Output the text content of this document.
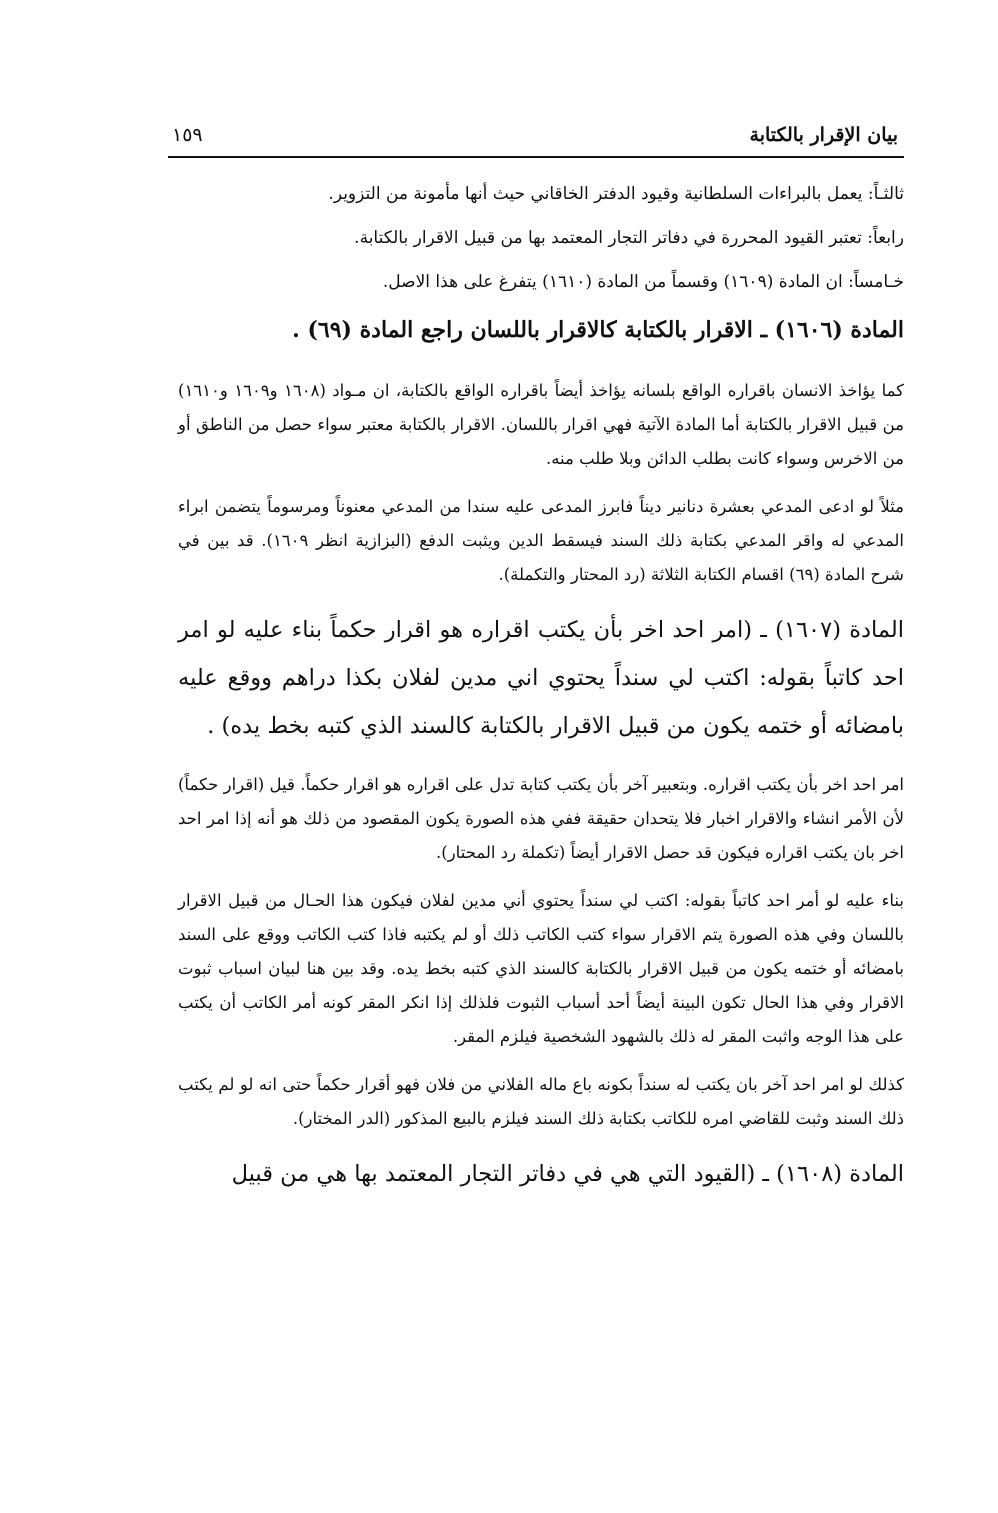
بيان الإقرار بالكتابة
١٥٩
ثالثـاً: يعمل بالبراءات السلطانية وقيود الدفتر الخاقاني حيث أنها مأمونة من التزوير.
رابعاً: تعتبر القيود المحررة في دفاتر التجار المعتمد بها من قبيل الاقرار بالكتابة.
خـامساً: ان المادة (١٦٠٩) وقسماً من المادة (١٦١٠) يتفرغ على هذا الاصل.
المادة (١٦٠٦) ـ الاقرار بالكتابة كالاقرار باللسان راجع المادة (٦٩) .

كما يؤاخذ الانسان باقراره الواقع بلسانه يؤاخذ أيضاً باقراره الواقع بالكتابة، ان مـواد (١٦٠٨ و١٦٠٩ و١٦١٠) من قبيل الاقرار بالكتابة أما المادة الآتية فهي اقرار باللسان. الاقرار بالكتابة معتبر سواء حصل من الناطق أو من الاخرس وسواء كانت بطلب الدائن وبلا طلب منه.

مثلاً لو ادعى المدعي بعشرة دنانير ديناً فابرز المدعى عليه سندا من المدعي معنوناً ومرسوماً يتضمن ابراء المدعي له واقر المدعي بكتابة ذلك السند فيسقط الدين ويثبت الدفع (البزازية انظر ١٦٠٩). قد بين في شرح المادة (٦٩) اقسام الكتابة الثلاثة (رد المحتار والتكملة).

المادة (١٦٠٧) ـ (امر احد اخر بأن يكتب اقراره هو اقرار حكماً بناء عليه لو امر احد كاتباً بقوله: اكتب لي سنداً يحتوي اني مدين لفلان بكذا دراهم ووقع عليه بامضائه أو ختمه يكون من قبيل الاقرار بالكتابة كالسند الذي كتبه بخط يده) .

امر احد اخر بأن يكتب اقراره. وبتعبير آخر بأن يكتب كتابة تدل على اقراره هو اقرار حكماً. قيل (اقرار حكماً) لأن الأمر انشاء والاقرار اخبار فلا يتحدان حقيقة ففي هذه الصورة يكون المقصود من ذلك هو أنه إذا امر احد اخر بان يكتب اقراره فيكون قد حصل الاقرار أيضاً (تكملة رد المحتار).

بناء عليه لو أمر احد كاتباً بقوله: اكتب لي سنداً يحتوي أني مدين لفلان فيكون هذا الحـال من قبيل الاقرار باللسان وفي هذه الصورة يتم الاقرار سواء كتب الكاتب ذلك أو لم يكتبه فاذا كتب الكاتب ووقع على السند بامضائه أو ختمه يكون من قبيل الاقرار بالكتابة كالسند الذي كتبه بخط يده. وقد بين هنا لبيان اسباب ثبوت الاقرار وفي هذا الحال تكون البينة أيضاً أحد أسباب الثبوت فلذلك إذا انكر المقر كونه أمر الكاتب أن يكتب على هذا الوجه واثبت المقر له ذلك بالشهود الشخصية فيلزم المقر.

كذلك لو امر احد آخر بان يكتب له سنداً بكونه باع ماله الفلاني من فلان فهو أقرار حكماً حتى انه لو لم يكتب ذلك السند وثبت للقاضي امره للكاتب بكتابة ذلك السند فيلزم بالبيع المذكور (الدر المختار).

المادة (١٦٠٨) ـ (القيود التي هي في دفاتر التجار المعتمد بها هي من قبيل
